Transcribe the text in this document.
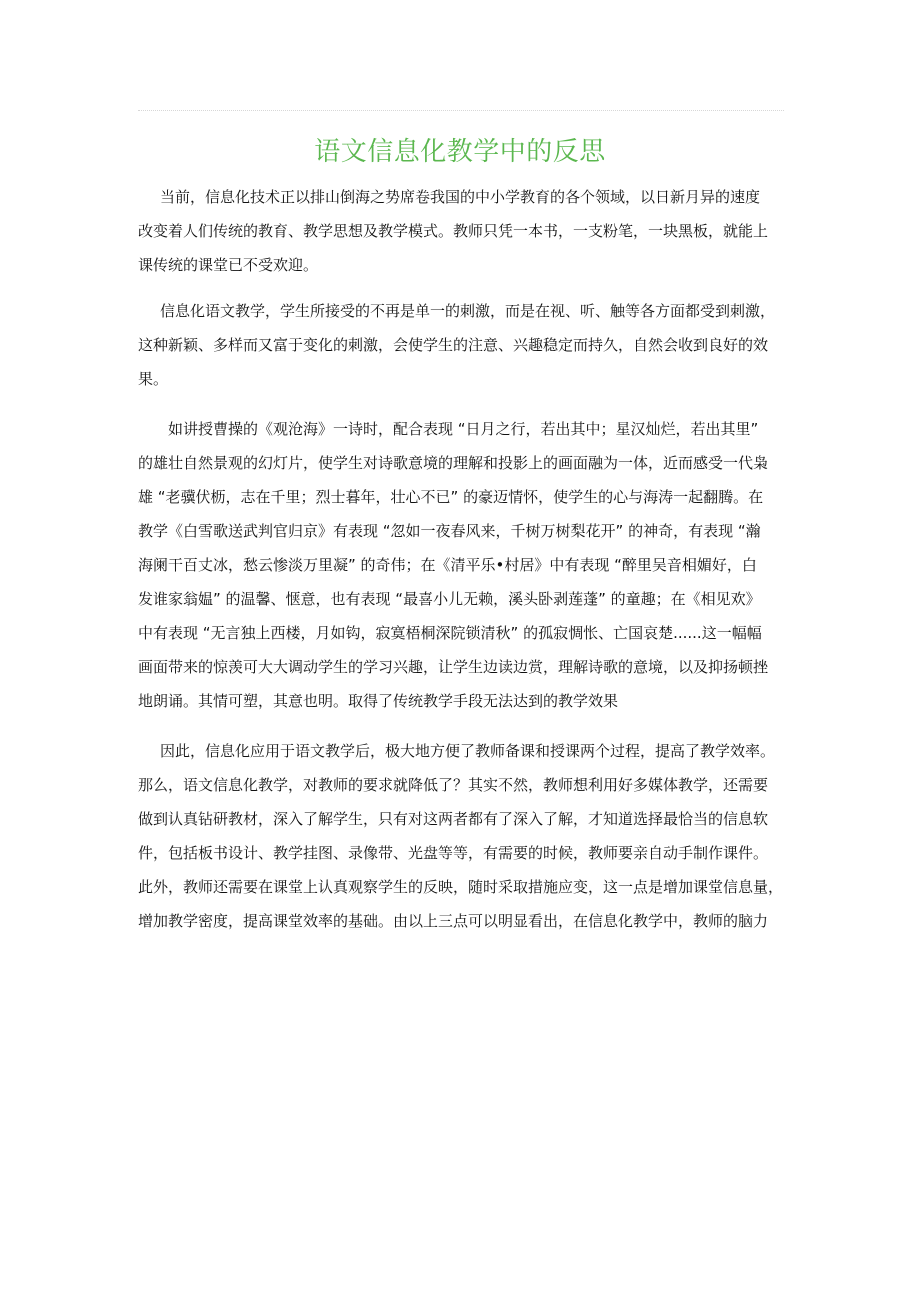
语文信息化教学中的反思
当前，信息化技术正以排山倒海之势席卷我国的中小学教育的各个领域，以日新月异的速度
改变着人们传统的教育、教学思想及教学模式。教师只凭一本书，一支粉笔，一块黑板，就能上
课传统的课堂已不受欢迎。
信息化语文教学，学生所接受的不再是单一的刺激，而是在视、听、触等各方面都受到刺激，
这种新颖、多样而又富于变化的刺激，会使学生的注意、兴趣稳定而持久，自然会收到良好的效
果。
如讲授曹操的《观沧海》一诗时，配合表现 “日月之行，若出其中；星汉灿烂，若出其里”
的雄壮自然景观的幻灯片，使学生对诗歌意境的理解和投影上的画面融为一体，近而感受一代枭
雄 “老骥伏枥，志在千里；烈士暮年，壮心不已” 的豪迈情怀，使学生的心与海涛一起翻腾。在
教学《白雪歌送武判官归京》有表现 “忽如一夜春风来，千树万树梨花开” 的神奇，有表现 “瀚
海阑干百丈冰，愁云惨淡万里凝” 的奇伟；在《清平乐•村居》中有表现 “醉里吴音相媚好，白
发谁家翁媪” 的温馨、惬意，也有表现 “最喜小儿无赖，溪头卧剥莲蓬” 的童趣；在《相见欢》
中有表现 “无言独上西楼，月如钩，寂寞梧桐深院锁清秋” 的孤寂惆怅、亡国哀楚......这一幅幅
画面带来的惊羡可大大调动学生的学习兴趣，让学生边读边赏，理解诗歌的意境，以及抑扬顿挫
地朗诵。其情可塑，其意也明。取得了传统教学手段无法达到的教学效果
因此，信息化应用于语文教学后，极大地方便了教师备课和授课两个过程，提高了教学效率。
那么，语文信息化教学，对教师的要求就降低了？其实不然，教师想利用好多媒体教学，还需要
做到认真钻研教材，深入了解学生，只有对这两者都有了深入了解，才知道选择最恰当的信息软
件，包括板书设计、教学挂图、录像带、光盘等等，有需要的时候，教师要亲自动手制作课件。
此外，教师还需要在课堂上认真观察学生的反映，随时采取措施应变，这一点是增加课堂信息量，
增加教学密度，提高课堂效率的基础。由以上三点可以明显看出，在信息化教学中，教师的脑力
